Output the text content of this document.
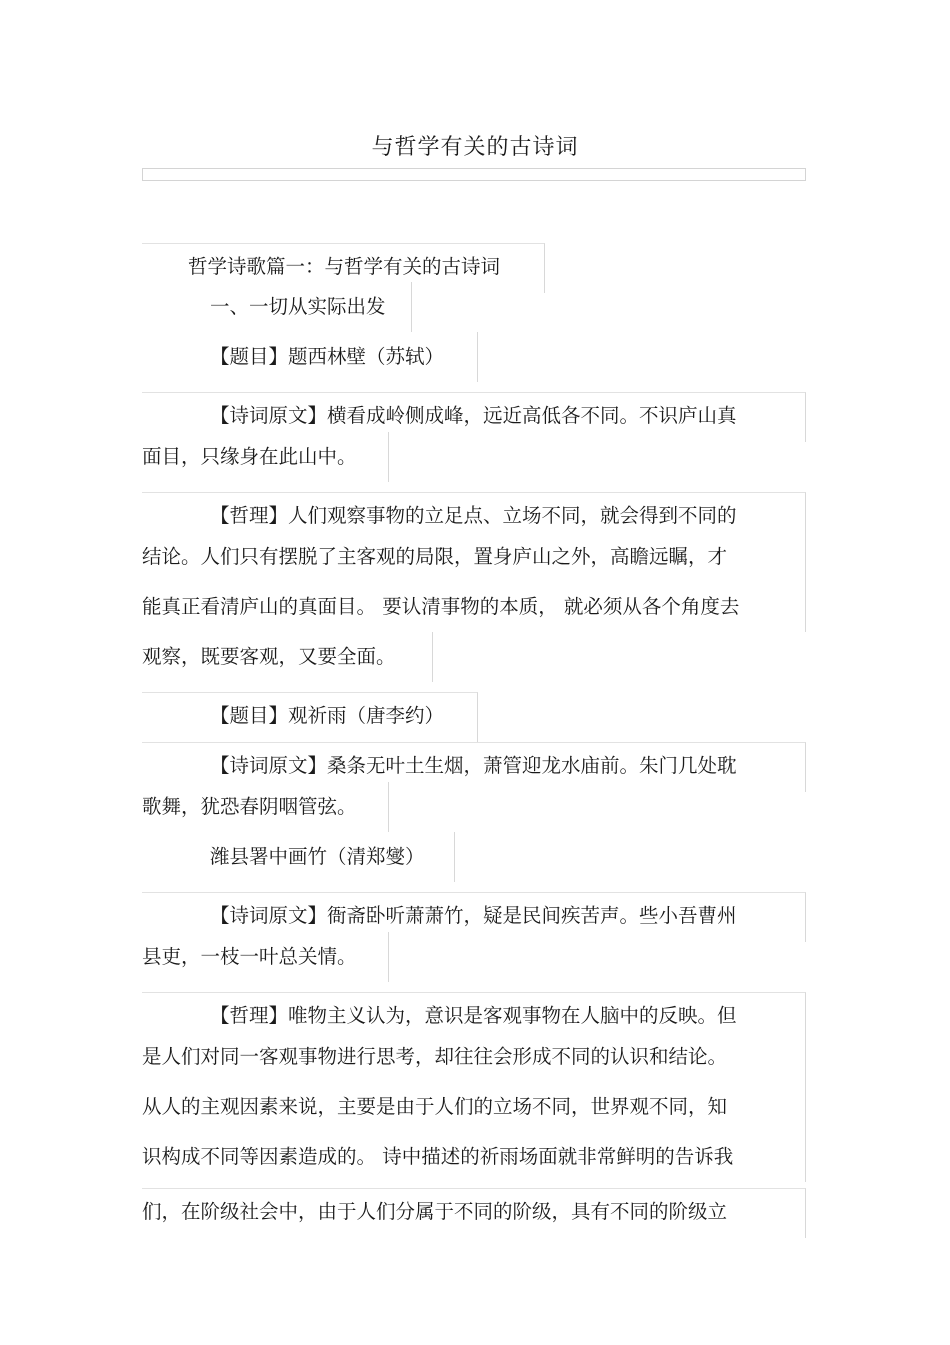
与哲学有关的古诗词
哲学诗歌篇一：与哲学有关的古诗词
一、一切从实际出发
【题目】题西林壁（苏轼）
【诗词原文】横看成岭侧成峰，远近高低各不同。不识庐山真
面目，只缘身在此山中。
【哲理】人们观察事物的立足点、立场不同，就会得到不同的
结论。人们只有摆脱了主客观的局限，置身庐山之外，高瞻远瞩，才
能真正看清庐山的真面目。 要认清事物的本质， 就必须从各个角度去
观察，既要客观，又要全面。
【题目】观祈雨（唐李约）
【诗词原文】桑条无叶土生烟，萧管迎龙水庙前。朱门几处耽
歌舞，犹恐春阴咽管弦。
潍县署中画竹（清郑燮）
【诗词原文】衙斋卧听萧萧竹，疑是民间疾苦声。些小吾曹州
县吏，一枝一叶总关情。
【哲理】唯物主义认为，意识是客观事物在人脑中的反映。但
是人们对同一客观事物进行思考，却往往会形成不同的认识和结论。
从人的主观因素来说，主要是由于人们的立场不同，世界观不同，知
识构成不同等因素造成的。 诗中描述的祈雨场面就非常鲜明的告诉我
们，在阶级社会中，由于人们分属于不同的阶级，具有不同的阶级立
